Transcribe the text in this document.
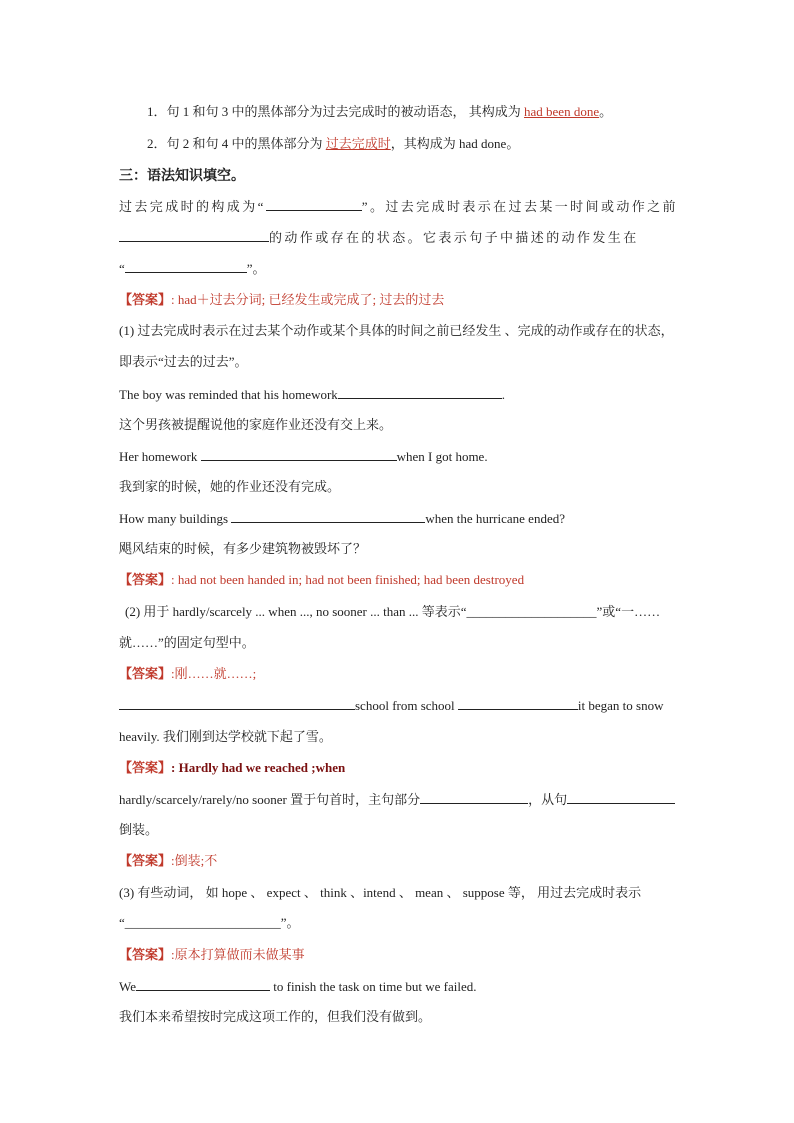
1．句 1 和句 3 中的黑体部分为过去完成时的被动语态， 其构成为 had been done。
2．句 2 和句 4 中的黑体部分为 过去完成时，其构成为 had done。
三：语法知识填空。
过去完成时的构成为“	”。过去完成时表示在过去某一时间或动作之前
的动作或存在的状态。它表示句子中描述的动作发生在
“	”。
【答案】: had＋过去分词; 已经发生或完成了; 过去的过去
(1) 过去完成时表示在过去某个动作或某个具体的时间之前已经发生 、完成的动作或存在的状态，
即表示“过去的过去”。
The boy was reminded that his homework	.
这个男孩被提醒说他的家庭作业还没有交上来。
Her homework	when I got home.
我到家的时候，她的作业还没有完成。
How many buildings	when the hurricane ended?
飓风结束的时候，有多少建筑物被毁坏了？
【答案】: had not been handed in; had not been finished; had been destroyed
(2) 用于 hardly/scarcely ... when ..., no sooner ... than ... 等表示“____________________”或“一……
就……”的固定句型中。
【答案】:刚……就……;
school from school	it began to snow
heavily. 我们刚到达学校就下起了雪。
【答案】: Hardly had we reached ;when
hardly/scarcely/rarely/no sooner 置于句首时，主句部分	，从句
倒装。
【答案】:倒装;不
(3) 有些动词， 如 hope 、 expect 、 think 、intend 、 mean 、 suppose 等， 用过去完成时表示
“________________________”。
【答案】:原本打算做而未做某事
We	to finish the task on time but we failed.
我们本来希望按时完成这项工作的，但我们没有做到。
